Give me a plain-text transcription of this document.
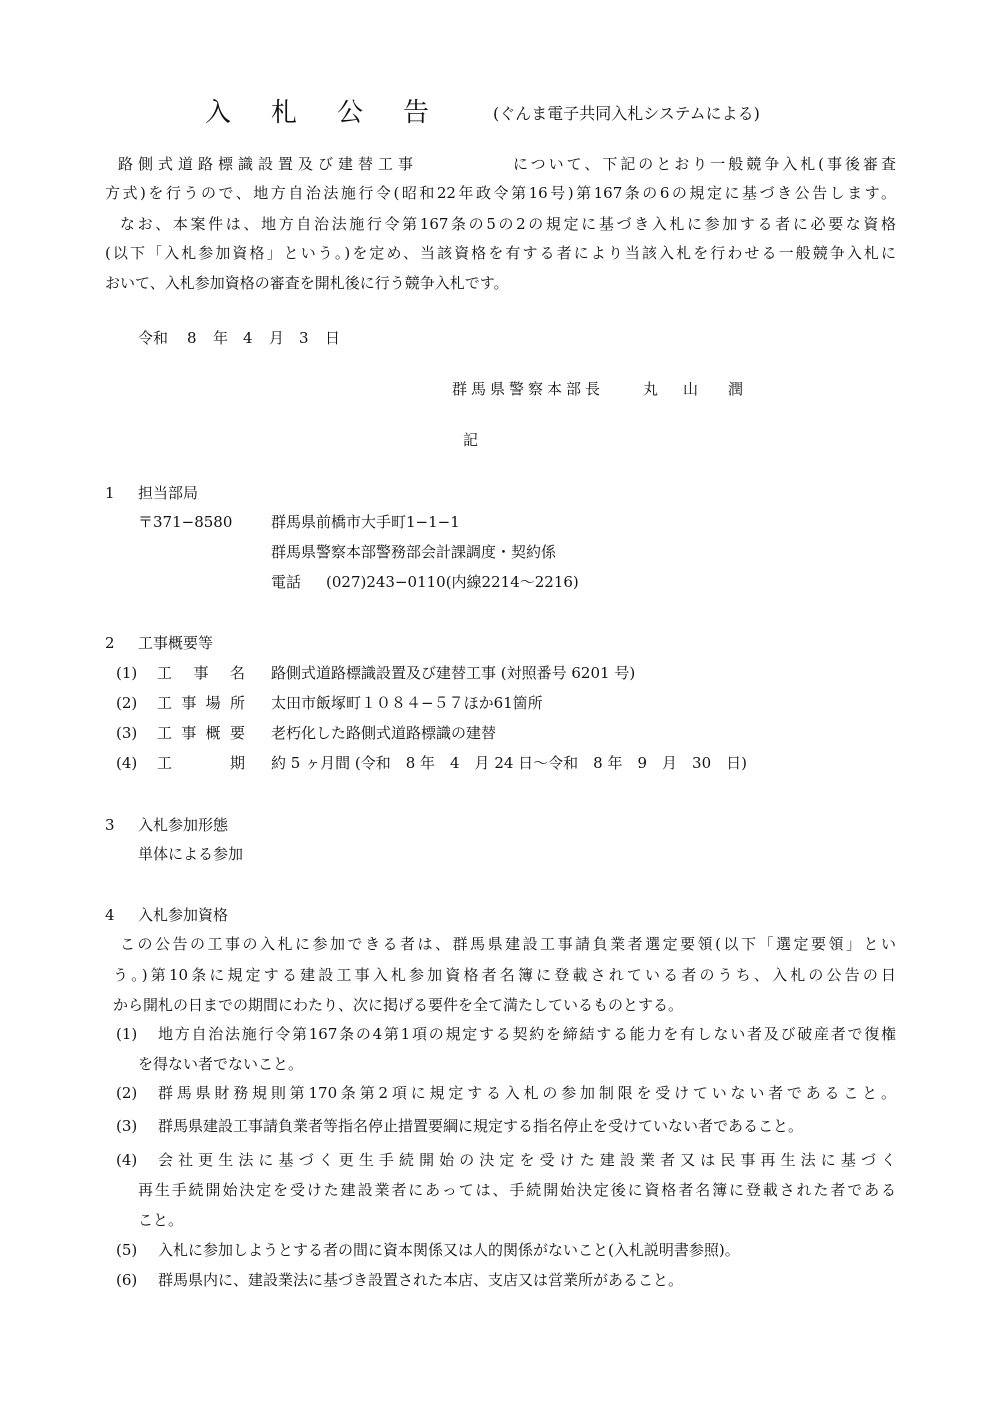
入札公告 (ぐんま電子共同入札システムによる)
路側式道路標識設置及び建替工事	について、下記のとおり一般競争入札(事後審査
方式)を行うので、地方自治法施行令(昭和22年政令第16号)第167条の6の規定に基づき公告します。
なお、本案件は、地方自治法施行令第167条の5の2の規定に基づき入札に参加する者に必要な資格
(以下「入札参加資格」という。)を定め、当該資格を有する者により当該入札を行わせる一般競争入札に
おいて、入札参加資格の審査を開札後に行う競争入札です。
令和 8 年 4 月 3 日
群馬県警察本部長	丸 山 潤
記
1 担当部局
〒371−8580	群馬県前橋市大手町1−1−1
群馬県警察本部警務部会計課調度・契約係
電話 (027)243−0110(内線2214〜2216)
2 工事概要等
(1) 工　事　名 路側式道路標識設置及び建替工事 (対照番号 6201 号)
(2) 工事場所 太田市飯塚町１０８４−５７ほか61箇所
(3) 工事概要 老朽化した路側式道路標識の建替
(4) 工　　　期 約 5 ヶ月間 (令和　8 年　4　月 24 日〜令和　8 年　9　月　30　日)
3 入札参加形態
単体による参加
4 入札参加資格
この公告の工事の入札に参加できる者は、群馬県建設工事請負業者選定要領(以下「選定要領」とい
う。)第10条に規定する建設工事入札参加資格者名簿に登載されている者のうち、入札の公告の日
から開札の日までの期間にわたり、次に掲げる要件を全て満たしているものとする。
(1) 地方自治法施行令第167条の4第1項の規定する契約を締結する能力を有しない者及び破産者で復権
を得ない者でないこと。
(2) 群馬県財務規則第170条第2項に規定する入札の参加制限を受けていない者であること。
(3) 群馬県建設工事請負業者等指名停止措置要綱に規定する指名停止を受けていない者であること。
(4) 会社更生法に基づく更生手続開始の決定を受けた建設業者又は民事再生法に基づく
再生手続開始決定を受けた建設業者にあっては、手続開始決定後に資格者名簿に登載された者である
こと。
(5) 入札に参加しようとする者の間に資本関係又は人的関係がないこと(入札説明書参照)。
(6) 群馬県内に、建設業法に基づき設置された本店、支店又は営業所があること。
